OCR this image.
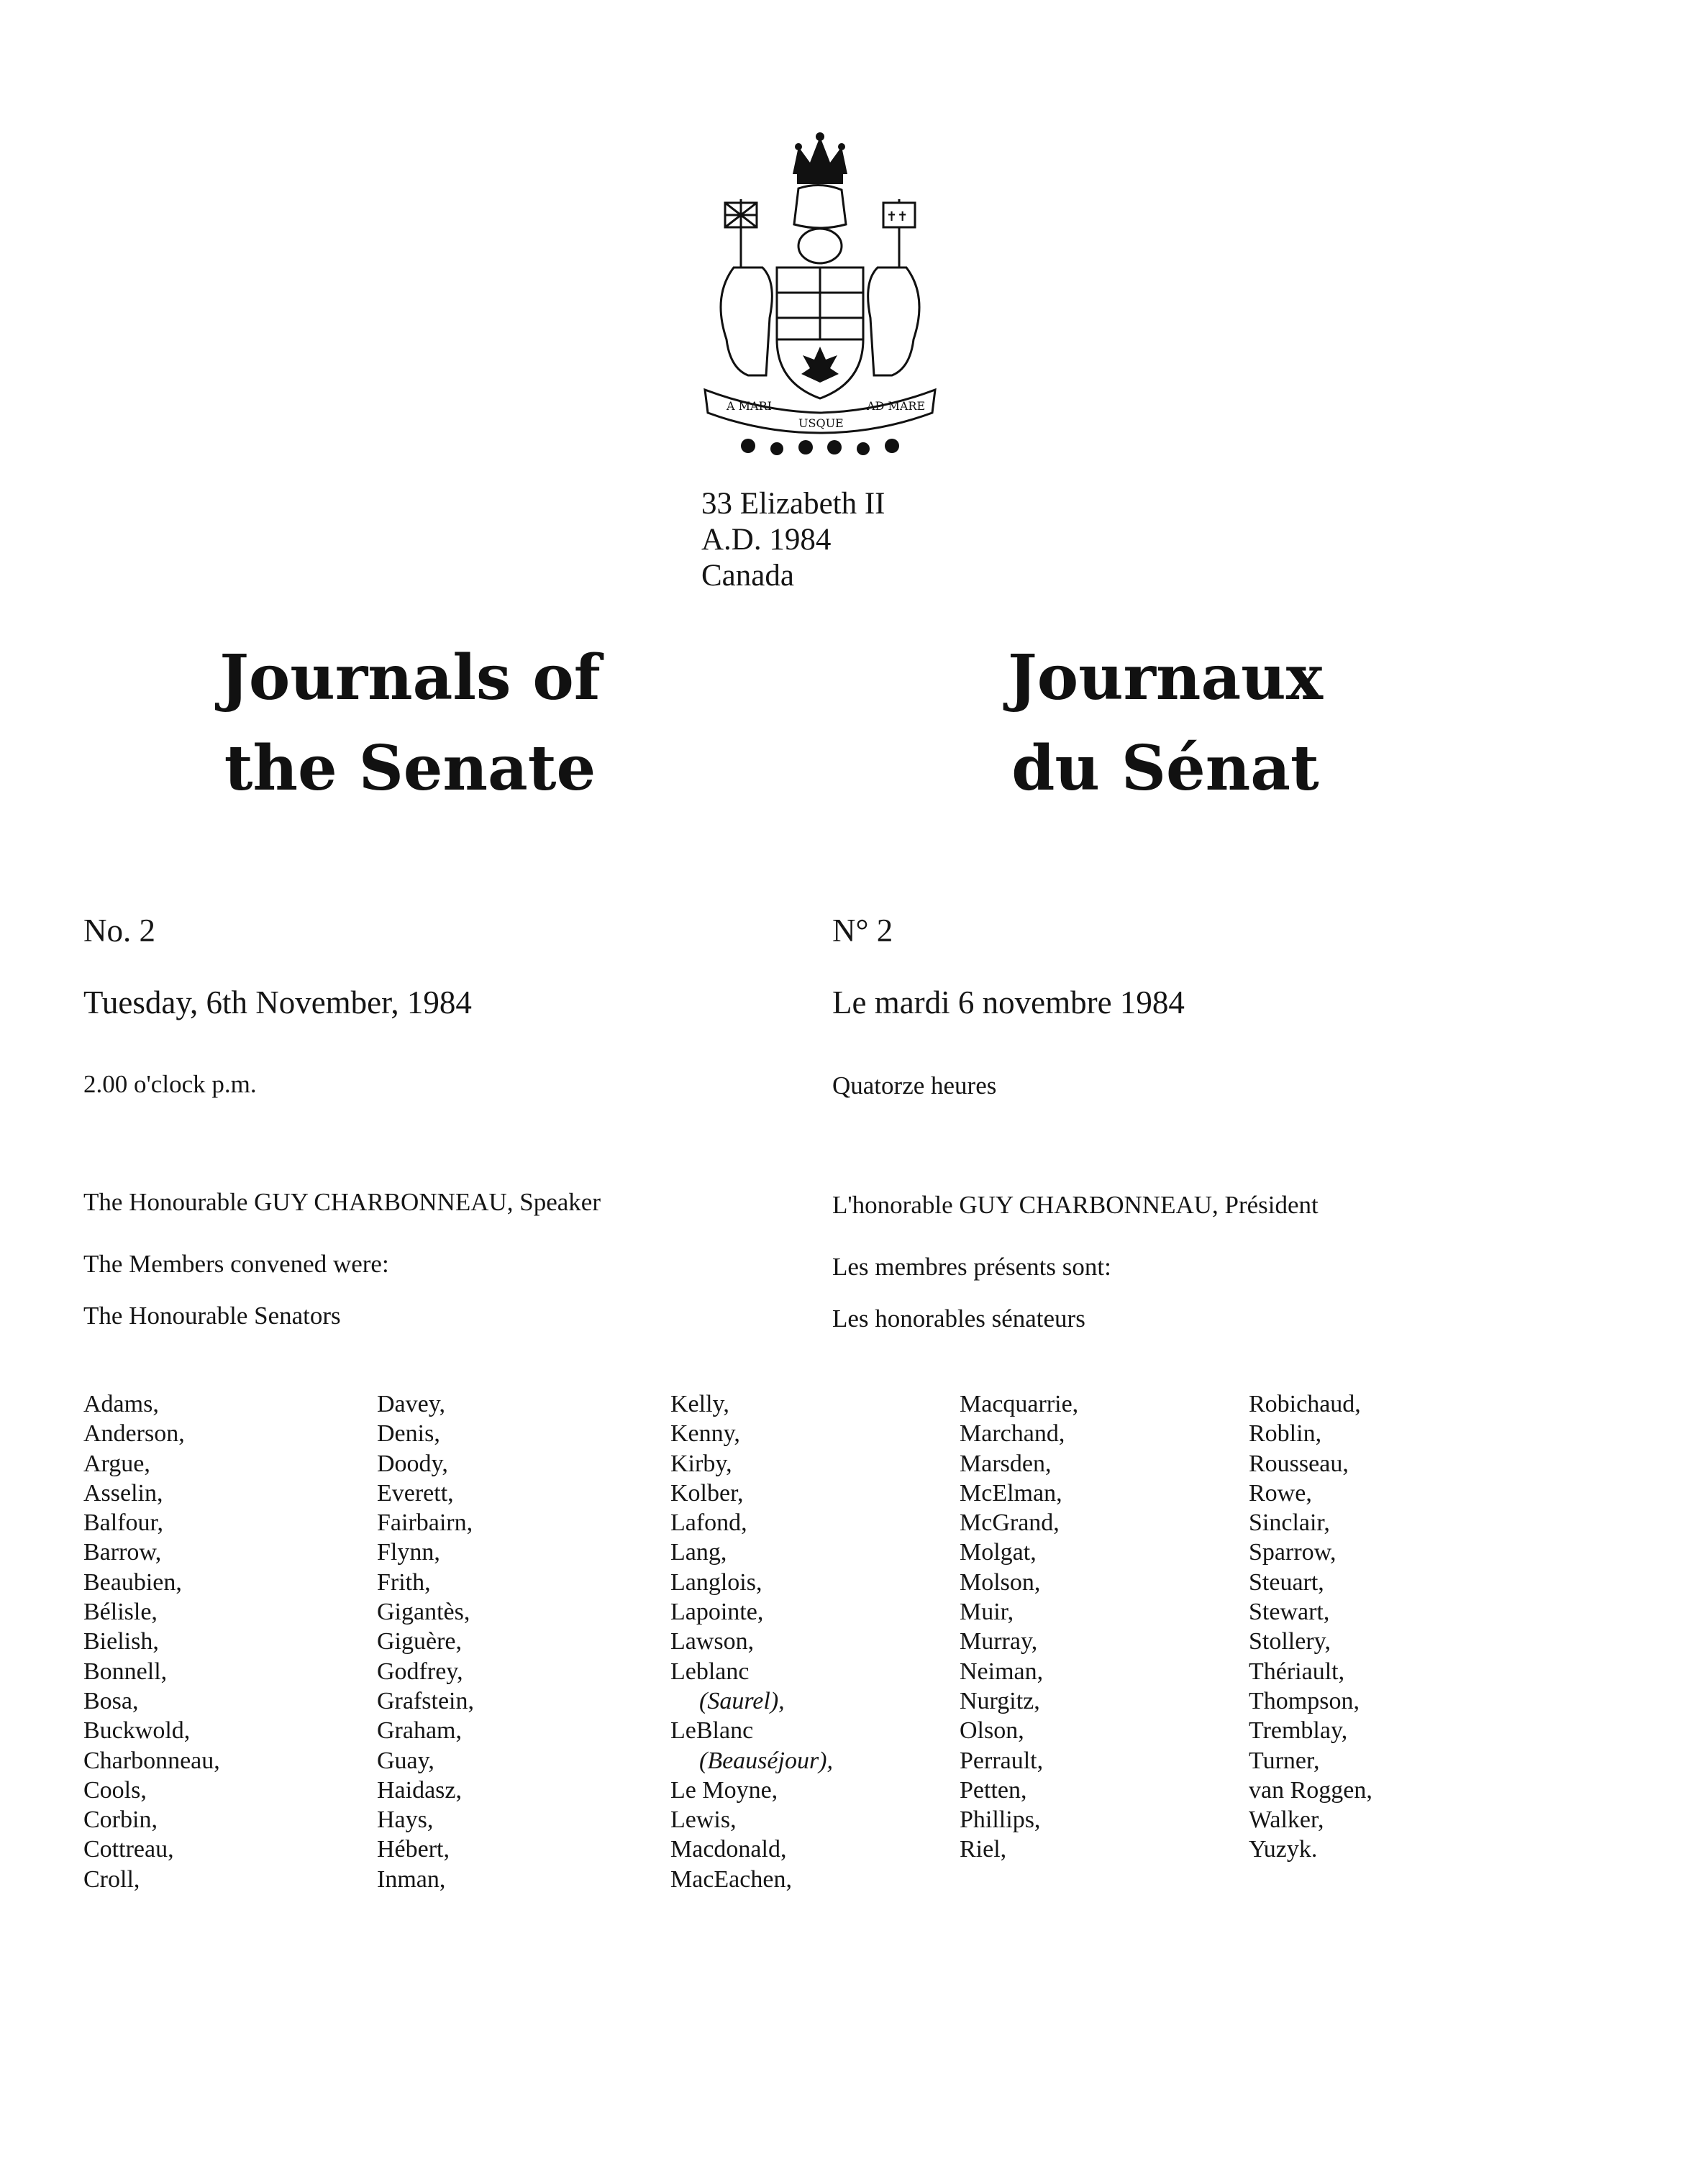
✝✝
A MARI
USQUE
AD MARE
33 Elizabeth II
A.D. 1984
Canada
Journals of
the Senate
Journaux
du Sénat
No. 2
Tuesday, 6th November, 1984
2.00 o'clock p.m.
The Honourable GUY CHARBONNEAU, Speaker
The Members convened were:
The Honourable Senators
N° 2
Le mardi 6 novembre 1984
Quatorze heures
L'honorable GUY CHARBONNEAU, Président
Les membres présents sont:
Les honorables sénateurs
Adams,
Anderson,
Argue,
Asselin,
Balfour,
Barrow,
Beaubien,
Bélisle,
Bielish,
Bonnell,
Bosa,
Buckwold,
Charbonneau,
Cools,
Corbin,
Cottreau,
Croll,
Davey,
Denis,
Doody,
Everett,
Fairbairn,
Flynn,
Frith,
Gigantès,
Giguère,
Godfrey,
Grafstein,
Graham,
Guay,
Haidasz,
Hays,
Hébert,
Inman,
Kelly,
Kenny,
Kirby,
Kolber,
Lafond,
Lang,
Langlois,
Lapointe,
Lawson,
Leblanc
(Saurel),
LeBlanc
(Beauséjour),
Le Moyne,
Lewis,
Macdonald,
MacEachen,
Macquarrie,
Marchand,
Marsden,
McElman,
McGrand,
Molgat,
Molson,
Muir,
Murray,
Neiman,
Nurgitz,
Olson,
Perrault,
Petten,
Phillips,
Riel,
Robichaud,
Roblin,
Rousseau,
Rowe,
Sinclair,
Sparrow,
Steuart,
Stewart,
Stollery,
Thériault,
Thompson,
Tremblay,
Turner,
van Roggen,
Walker,
Yuzyk.
